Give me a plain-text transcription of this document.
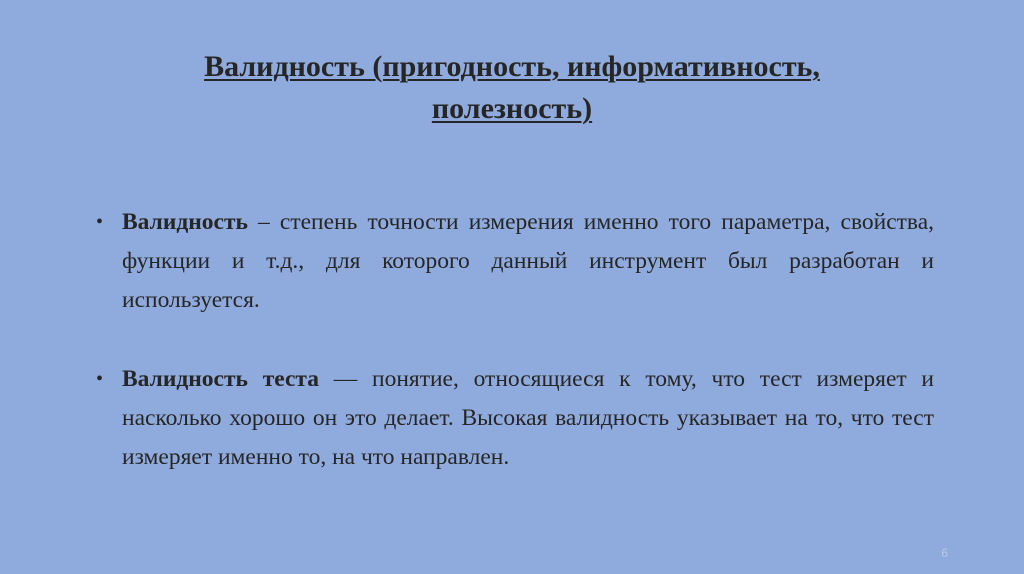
Валидность (пригодность, информативность,
полезность)
• Валидность – степень точности измерения именно того параметра, свойства, функции и т.д., для которого данный инструмент был разработан и используется.
• Валидность теста — понятие, относящиеся к тому, что тест измеряет и насколько хорошо он это делает. Высокая валидность указывает на то, что тест измеряет именно то, на что направлен.
6
